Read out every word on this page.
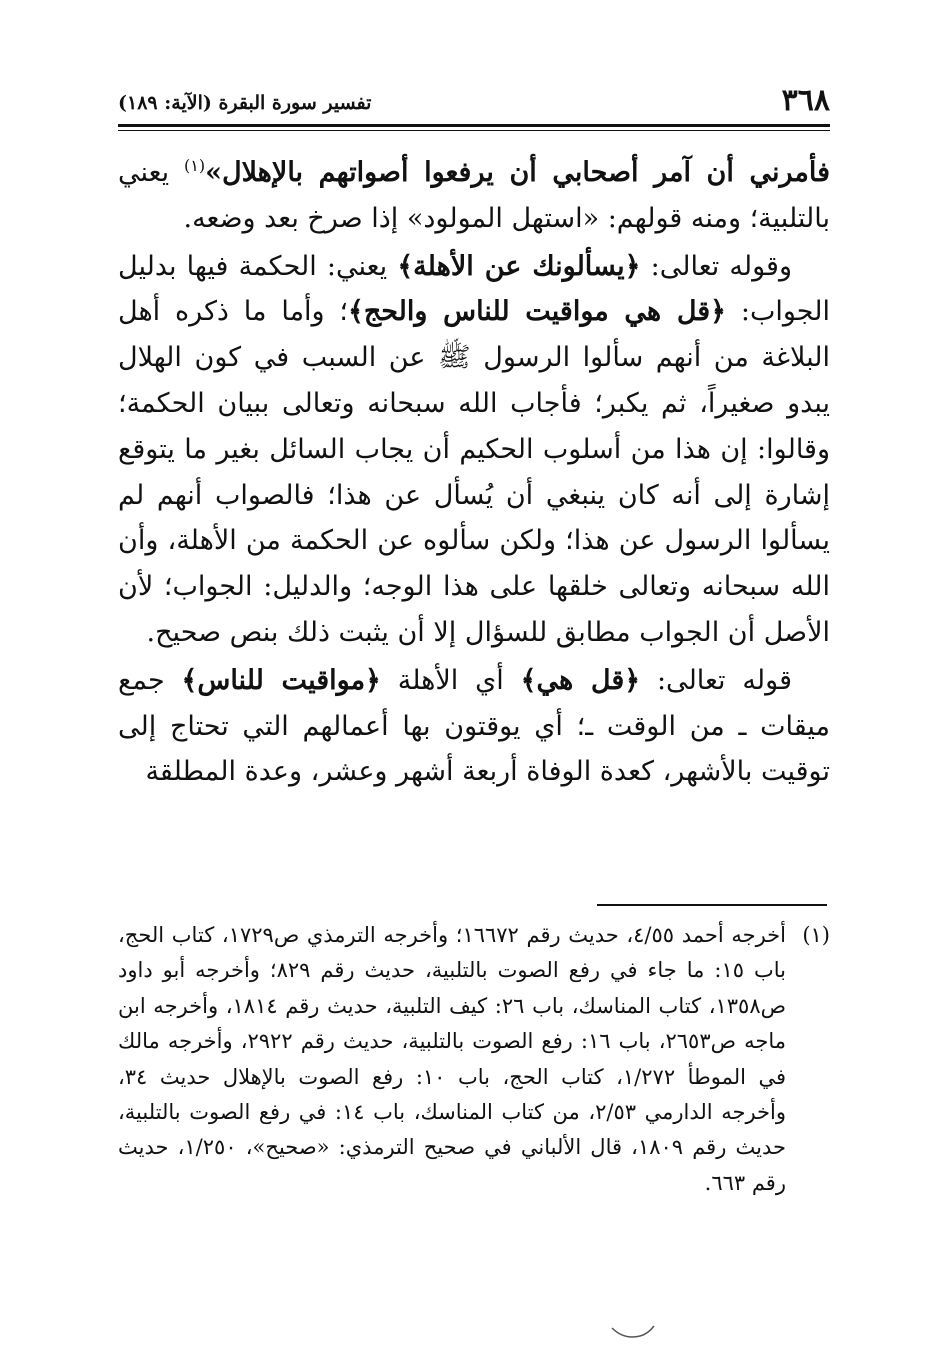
٣٦٨
تفسير سورة البقرة (الآية: ١٨٩)

فأمرني أن آمر أصحابي أن يرفعوا أصواتهم بالإهلال»$^{(١)}$ يعني بالتلبية؛ ومنه قولهم: «استهل المولود» إذا صرخ بعد وضعه.

وقوله تعالى: ﴿يسألونك عن الأهلة﴾ يعني: الحكمة فيها بدليل الجواب: ﴿قل هي مواقيت للناس والحج﴾؛ وأما ما ذكره أهل البلاغة من أنهم سألوا الرسول ﷺ عن السبب في كون الهلال يبدو صغيراً، ثم يكبر؛ فأجاب الله سبحانه وتعالى ببيان الحكمة؛ وقالوا: إن هذا من أسلوب الحكيم أن يجاب السائل بغير ما يتوقع إشارة إلى أنه كان ينبغي أن يُسأل عن هذا؛ فالصواب أنهم لم يسألوا الرسول عن هذا؛ ولكن سألوه عن الحكمة من الأهلة، وأن الله سبحانه وتعالى خلقها على هذا الوجه؛ والدليل: الجواب؛ لأن الأصل أن الجواب مطابق للسؤال إلا أن يثبت ذلك بنص صحيح.

قوله تعالى: ﴿قل هي﴾ أي الأهلة ﴿مواقيت للناس﴾ جمع ميقات ـ من الوقت ـ؛ أي يوقتون بها أعمالهم التي تحتاج إلى توقيت بالأشهر، كعدة الوفاة أربعة أشهر وعشر، وعدة المطلقة

(١)
أخرجه أحمد ٤/٥٥، حديث رقم ١٦٦٧٢؛ وأخرجه الترمذي ص١٧٢٩، كتاب الحج، باب ١٥: ما جاء في رفع الصوت بالتلبية، حديث رقم ٨٢٩؛ وأخرجه أبو داود ص١٣٥٨، كتاب المناسك، باب ٢٦: كيف التلبية، حديث رقم ١٨١٤، وأخرجه ابن ماجه ص٢٦٥٣، باب ١٦: رفع الصوت بالتلبية، حديث رقم ٢٩٢٢، وأخرجه مالك في الموطأ ١/٢٧٢، كتاب الحج، باب ١٠: رفع الصوت بالإهلال حديث ٣٤، وأخرجه الدارمي ٢/٥٣، من كتاب المناسك، باب ١٤: في رفع الصوت بالتلبية، حديث رقم ١٨٠٩، قال الألباني في صحيح الترمذي: «صحيح»، ١/٢٥٠، حديث رقم ٦٦٣.
